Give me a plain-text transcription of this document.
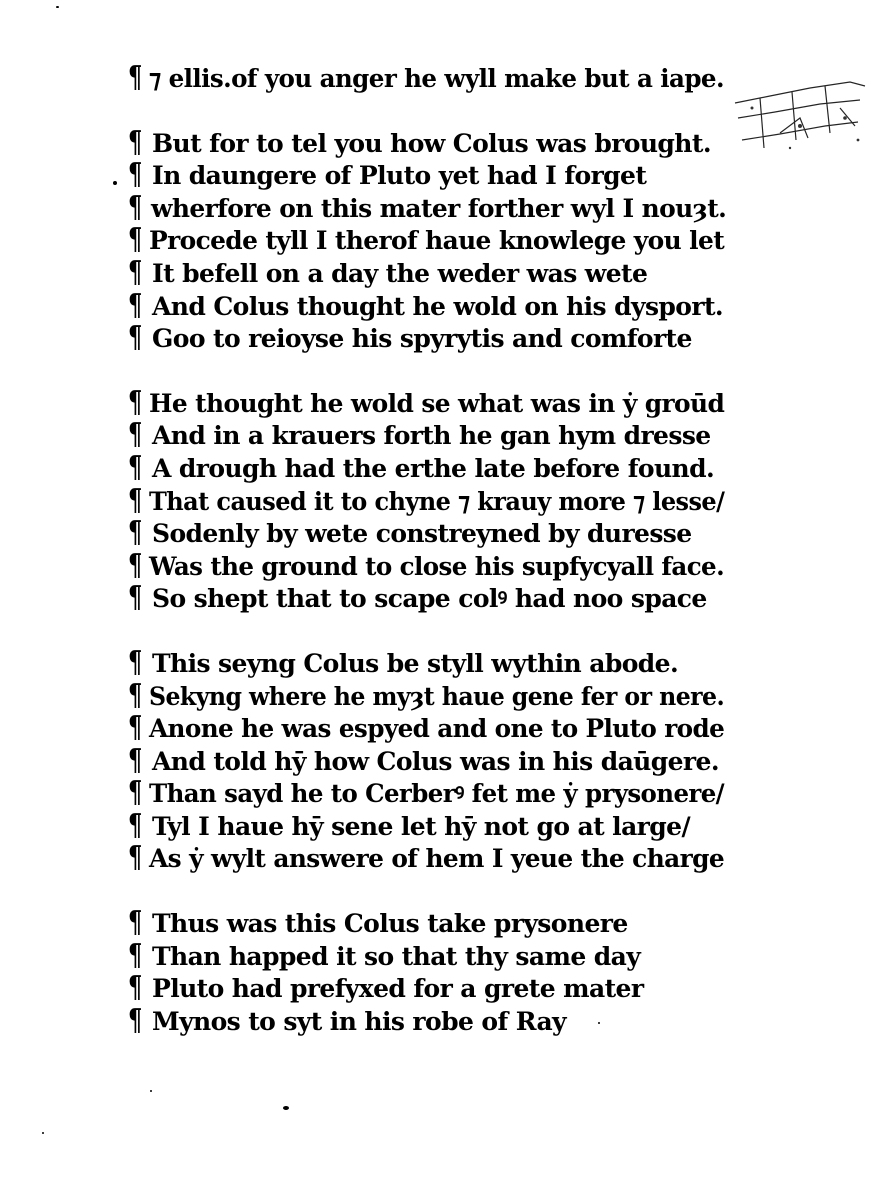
¶ ⁊ ellis.of you anger he wyll make but a iape.
¶ But for to tel you how Colus was brought.
¶ In daungere of Pluto yet had I forget
¶ wherfore on this mater forther wyl I nouȝt.
¶ Procede tyll I therof haue knowlege you let
¶ It befell on a day the weder was wete
¶ And Colus thought he wold on his dysport.
¶ Goo to reioyse his spyrytis and comforte
¶ He thought he wold se what was in ẏ groūd
¶ And in a krauers forth he gan hym dresse
¶ A drough had the erthe late before found.
¶ That caused it to chyne ⁊ krauy more ⁊ lesse/
¶ Sodenly by wete constreyned by duresse
¶ Was the ground to close his supfycyall face.
¶ So shept that to scape colꝰ had noo space
¶ This seyng Colus be styll wythin abode.
¶ Sekyng where he myȝt haue gene fer or nere.
¶ Anone he was espyed and one to Pluto rode
¶ And told hȳ how Colus was in his daūgere.
¶ Than sayd he to Cerberꝰ fet me ẏ prysonere/
¶ Tyl I haue hȳ sene let hȳ not go at large/
¶ As ẏ wylt answere of hem I yeue the charge
¶ Thus was this Colus take prysonere
¶ Than happed it so that thy same day
¶ Pluto had prefyxed for a grete mater
¶ Mynos to syt in his robe of Ray
